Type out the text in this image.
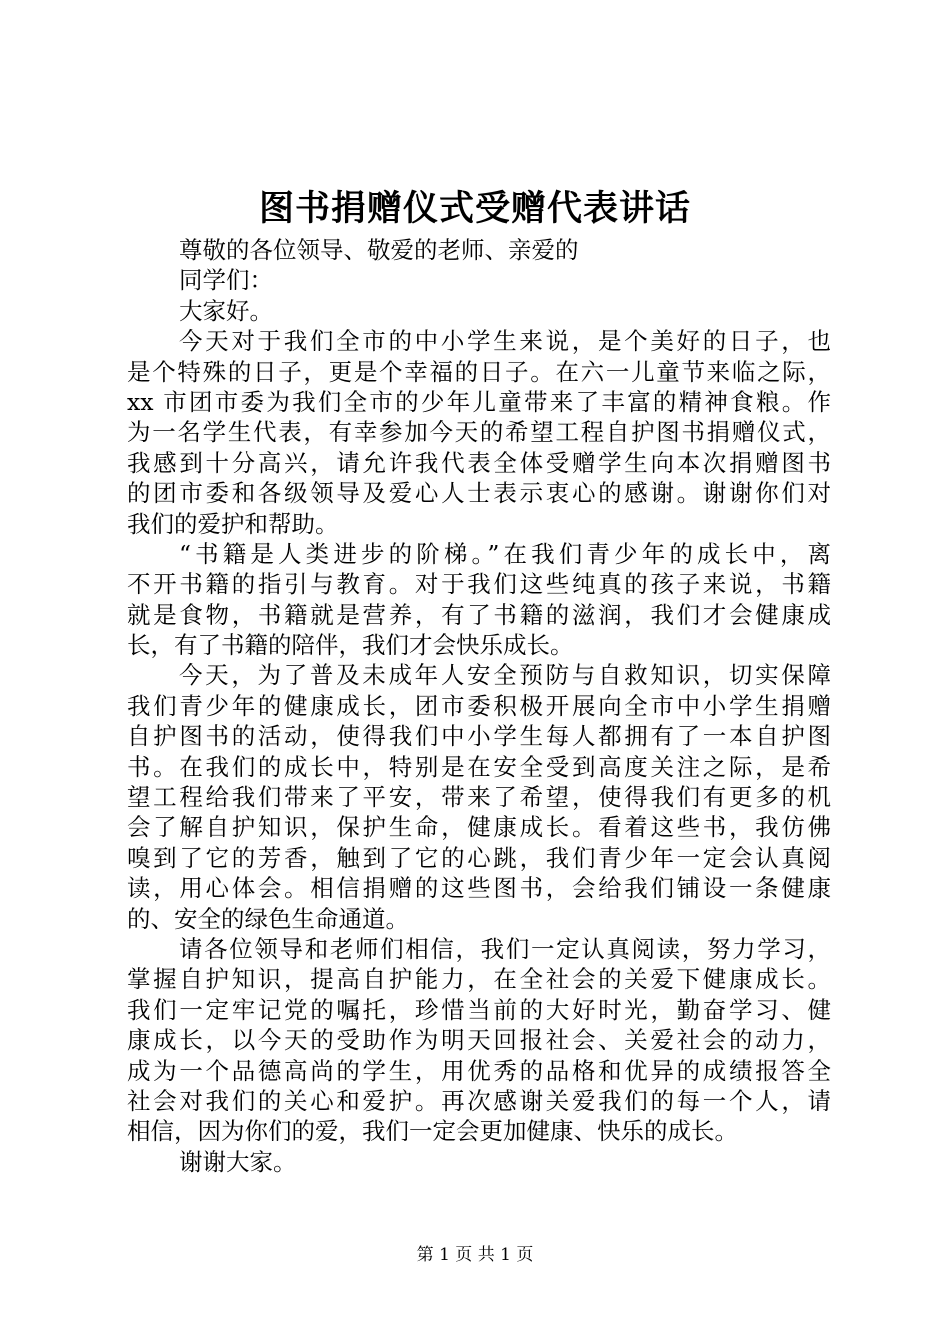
图书捐赠仪式受赠代表讲话
尊敬的各位领导、敬爱的老师、亲爱的
同学们：
大家好。
今天对于我们全市的中小学生来说，是个美好的日子，也
是个特殊的日子，更是个幸福的日子。在六一儿童节来临之际，
xx 市团市委为我们全市的少年儿童带来了丰富的精神食粮。作
为一名学生代表，有幸参加今天的希望工程自护图书捐赠仪式，
我感到十分高兴，请允许我代表全体受赠学生向本次捐赠图书
的团市委和各级领导及爱心人士表示衷心的感谢。谢谢你们对
我们的爱护和帮助。
“书籍是人类进步的阶梯。”在我们青少年的成长中，离
不开书籍的指引与教育。对于我们这些纯真的孩子来说，书籍
就是食物，书籍就是营养，有了书籍的滋润，我们才会健康成
长，有了书籍的陪伴，我们才会快乐成长。
今天，为了普及未成年人安全预防与自救知识，切实保障
我们青少年的健康成长，团市委积极开展向全市中小学生捐赠
自护图书的活动，使得我们中小学生每人都拥有了一本自护图
书。在我们的成长中，特别是在安全受到高度关注之际，是希
望工程给我们带来了平安，带来了希望，使得我们有更多的机
会了解自护知识，保护生命，健康成长。看着这些书，我仿佛
嗅到了它的芳香，触到了它的心跳，我们青少年一定会认真阅
读，用心体会。相信捐赠的这些图书，会给我们铺设一条健康
的、安全的绿色生命通道。
请各位领导和老师们相信，我们一定认真阅读，努力学习，
掌握自护知识，提高自护能力，在全社会的关爱下健康成长。
我们一定牢记党的嘱托，珍惜当前的大好时光，勤奋学习、健
康成长，以今天的受助作为明天回报社会、关爱社会的动力，
成为一个品德高尚的学生，用优秀的品格和优异的成绩报答全
社会对我们的关心和爱护。再次感谢关爱我们的每一个人，请
相信，因为你们的爱，我们一定会更加健康、快乐的成长。
谢谢大家。
第 1 页 共 1 页
